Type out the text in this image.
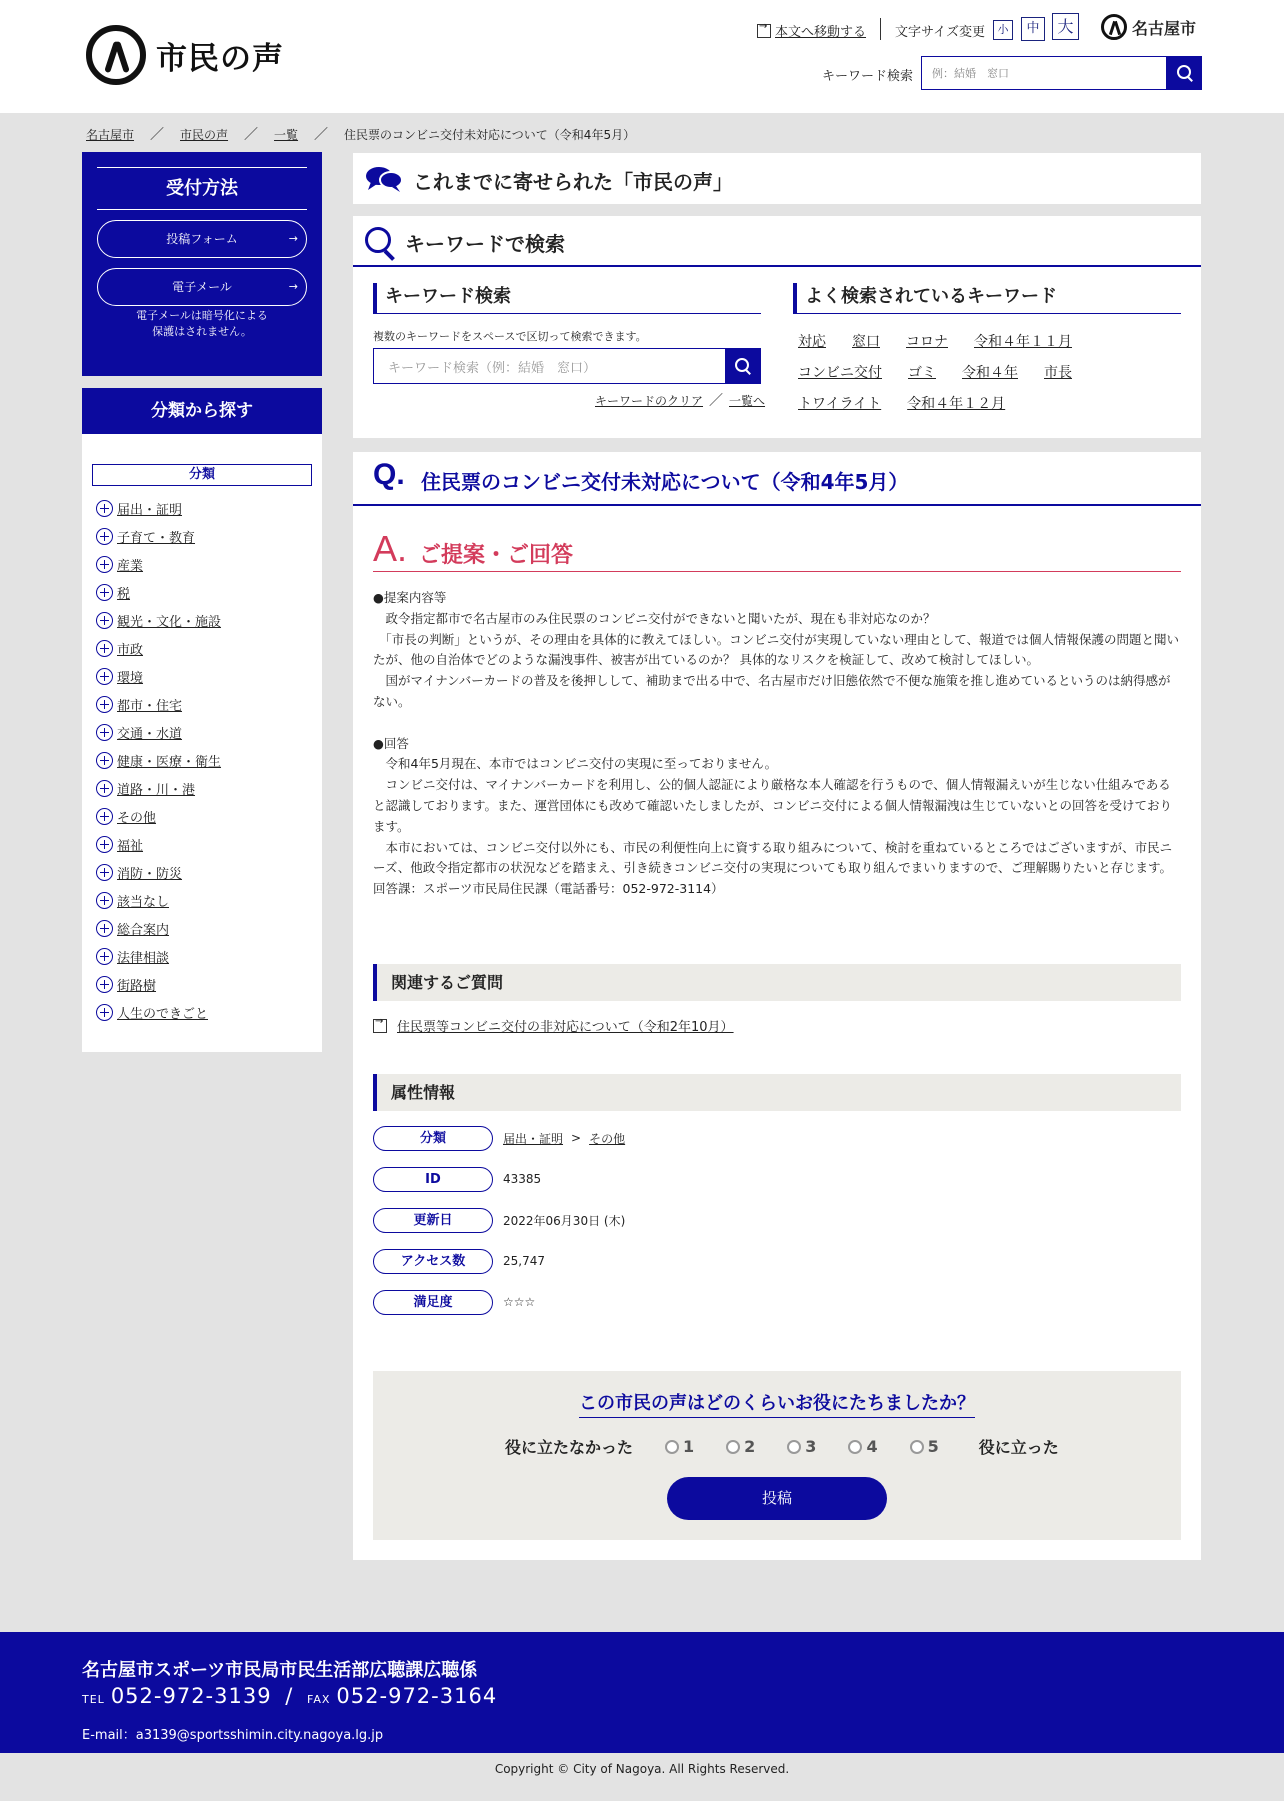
市民の声
→
本文へ移動する 文字サイズ変更	小	中	大	名古屋市
キーワード検索	例：結婚　窓口
名古屋市 ／ 市民の声 ／ 一覧 ／ 住民票のコンビニ交付未対応について（令和4年5月）
受付方法
投稿フォーム	→
電子メール	→
電子メールは暗号化による
保護はされません。
分類から探す
分類
届出・証明
子育て・教育
産業
税
観光・文化・施設
市政
環境
都市・住宅
交通・水道
健康・医療・衛生
道路・川・港
その他
福祉
消防・防災
該当なし
総合案内
法律相談
街路樹
人生のできごと
これまでに寄せられた「市民の声」
キーワードで検索
キーワード検索
複数のキーワードをスペースで区切って検索できます。
キーワード検索（例：結婚　窓口）
キーワードのクリア ／ 一覧へ
よく検索されているキーワード
対応 窓口 コロナ 令和４年１１月
コンビニ交付 ゴミ 令和４年 市長
トワイライト 令和４年１２月
Q. 住民票のコンビニ交付未対応について（令和4年5月）
A. ご提案・ご回答

●提案内容等

　政令指定都市で名古屋市のみ住民票のコンビニ交付ができないと聞いたが、現在も非対応なのか？

　「市長の判断」というが、その理由を具体的に教えてほしい。コンビニ交付が実現していない理由として、報道では個人情報保護の問題と聞いたが、他の自治体でどのような漏洩事件、被害が出ているのか？ 具体的なリスクを検証して、改めて検討してほしい。

　国がマイナンバーカードの普及を後押しして、補助まで出る中で、名古屋市だけ旧態依然で不便な施策を推し進めているというのは納得感がない。

●回答

　令和4年5月現在、本市ではコンビニ交付の実現に至っておりません。

　コンビニ交付は、マイナンバーカードを利用し、公的個人認証により厳格な本人確認を行うもので、個人情報漏えいが生じない仕組みであると認識しております。また、運営団体にも改めて確認いたしましたが、コンビニ交付による個人情報漏洩は生じていないとの回答を受けております。

　本市においては、コンビニ交付以外にも、市民の利便性向上に資する取り組みについて、検討を重ねているところではございますが、市民ニーズ、他政令指定都市の状況などを踏まえ、引き続きコンビニ交付の実現についても取り組んでまいりますので、ご理解賜りたいと存じます。

回答課：スポーツ市民局住民課（電話番号：052-972-3114）

関連するご質問
→
住民票等コンビニ交付の非対応について（令和2年10月）
属性情報
分類	届出・証明 > その他
ID	43385
更新日	2022年06月30日 (木)
アクセス数	25,747
満足度	☆☆☆
この市民の声はどのくらいお役にたちましたか？
役に立たなかった	1	2	3	4	5	役に立った
投稿
名古屋市スポーツ市民局市民生活部広聴課広聴係
TEL 052-972-3139 / FAX 052-972-3164
E-mail：a3139@sportsshimin.city.nagoya.lg.jp
Copyright © City of Nagoya. All Rights Reserved.
